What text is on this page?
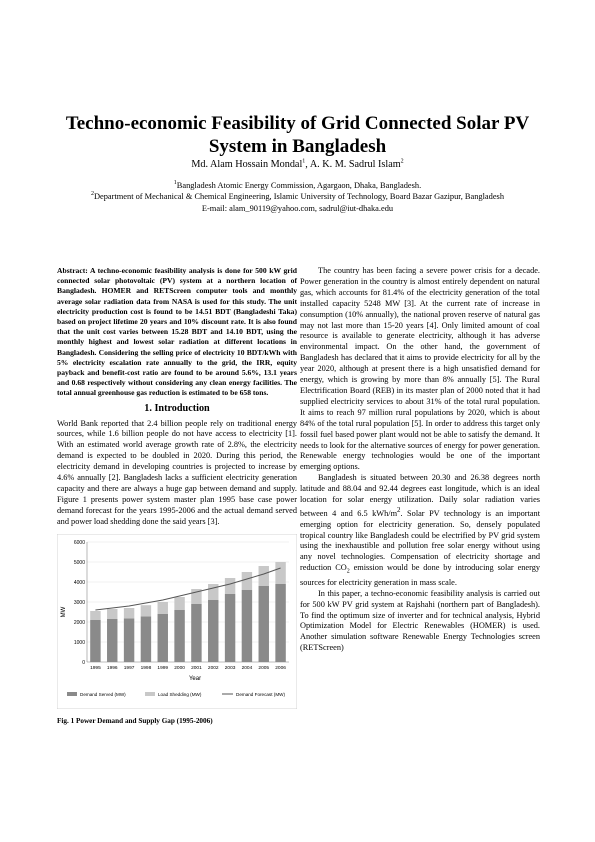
Techno-economic Feasibility of Grid Connected Solar PV System in Bangladesh
Md. Alam Hossain Mondal$^1$, A. K. M. Sadrul Islam$^2$
$^1$Bangladesh Atomic Energy Commission, Agargaon, Dhaka, Bangladesh.
$^2$Department of Mechanical & Chemical Engineering, Islamic University of Technology, Board Bazar Gazipur, Bangladesh
E-mail: alam_90119@yahoo.com, sadrul@iut-dhaka.edu

Abstract: A techno-economic feasibility analysis is done for 500 kW grid connected solar photovoltaic (PV) system at a northern location of Bangladesh. HOMER and RETScreen computer tools and monthly average solar radiation data from NASA is used for this study. The unit electricity production cost is found to be 14.51 BDT (Bangladeshi Taka) based on project lifetime 20 years and 10% discount rate. It is also found that the unit cost varies between 15.28 BDT and 14.10 BDT, using the monthly highest and lowest solar radiation at different locations in Bangladesh. Considering the selling price of electricity 10 BDT/kWh with 5% electricity escalation rate annually to the grid, the IRR, equity payback and benefit-cost ratio are found to be around 5.6%, 13.1 years and 0.68 respectively without considering any clean energy facilities. The total annual greenhouse gas reduction is estimated to be 658 tons.

1. Introduction

World Bank reported that 2.4 billion people rely on traditional energy sources, while 1.6 billion people do not have access to electricity [1]. With an estimated world average growth rate of 2.8%, the electricity demand is expected to be doubled in 2020. During this period, the electricity demand in developing countries is projected to increase by 4.6% annually [2]. Bangladesh lacks a sufficient electricity generation capacity and there are always a huge gap between demand and supply. Figure 1 presents power system master plan 1995 base case power demand forecast for the years 1995-2006 and the actual demand served and power load shedding done the said years [3].

0
1000
2000
3000
4000
5000
6000
1995 1996 1997 1998 1999 2000 2001 2002 2003 2004 2005 2006
MW
Year
Demand Served (MW)	Load Shedding (MW)	Demand Forecast (MW)

Fig. 1 Power Demand and Supply Gap (1995-2006)

The country has been facing a severe power crisis for a decade. Power generation in the country is almost entirely dependent on natural gas, which accounts for 81.4% of the electricity generation of the total installed capacity 5248 MW [3]. At the current rate of increase in consumption (10% annually), the national proven reserve of natural gas may not last more than 15-20 years [4]. Only limited amount of coal resource is available to generate electricity, although it has adverse environmental impact. On the other hand, the government of Bangladesh has declared that it aims to provide electricity for all by the year 2020, although at present there is a high unsatisfied demand for energy, which is growing by more than 8% annually [5]. The Rural Electrification Board (REB) in its master plan of 2000 noted that it had supplied electricity services to about 31% of the total rural population. It aims to reach 97 million rural populations by 2020, which is about 84% of the total rural population [5]. In order to address this target only fossil fuel based power plant would not be able to satisfy the demand. It needs to look for the alternative sources of energy for power generation. Renewable energy technologies would be one of the important emerging options.

Bangladesh is situated between 20.30 and 26.38 degrees north latitude and 88.04 and 92.44 degrees east longitude, which is an ideal location for solar energy utilization. Daily solar radiation varies between 4 and 6.5 kWh/$m^2$. Solar PV technology is an important emerging option for electricity generation. So, densely populated tropical country like Bangladesh could be electrified by PV grid system using the inexhaustible and pollution free solar energy without using any novel technologies. Compensation of electricity shortage and reduction $CO_2$ emission would be done by introducing solar energy sources for electricity generation in mass scale.

In this paper, a techno-economic feasibility analysis is carried out for 500 kW PV grid system at Rajshahi (northern part of Bangladesh). To find the optimum size of inverter and for technical analysis, Hybrid Optimization Model for Electric Renewables (HOMER) is used. Another simulation software Renewable Energy Technologies screen (RETScreen)
